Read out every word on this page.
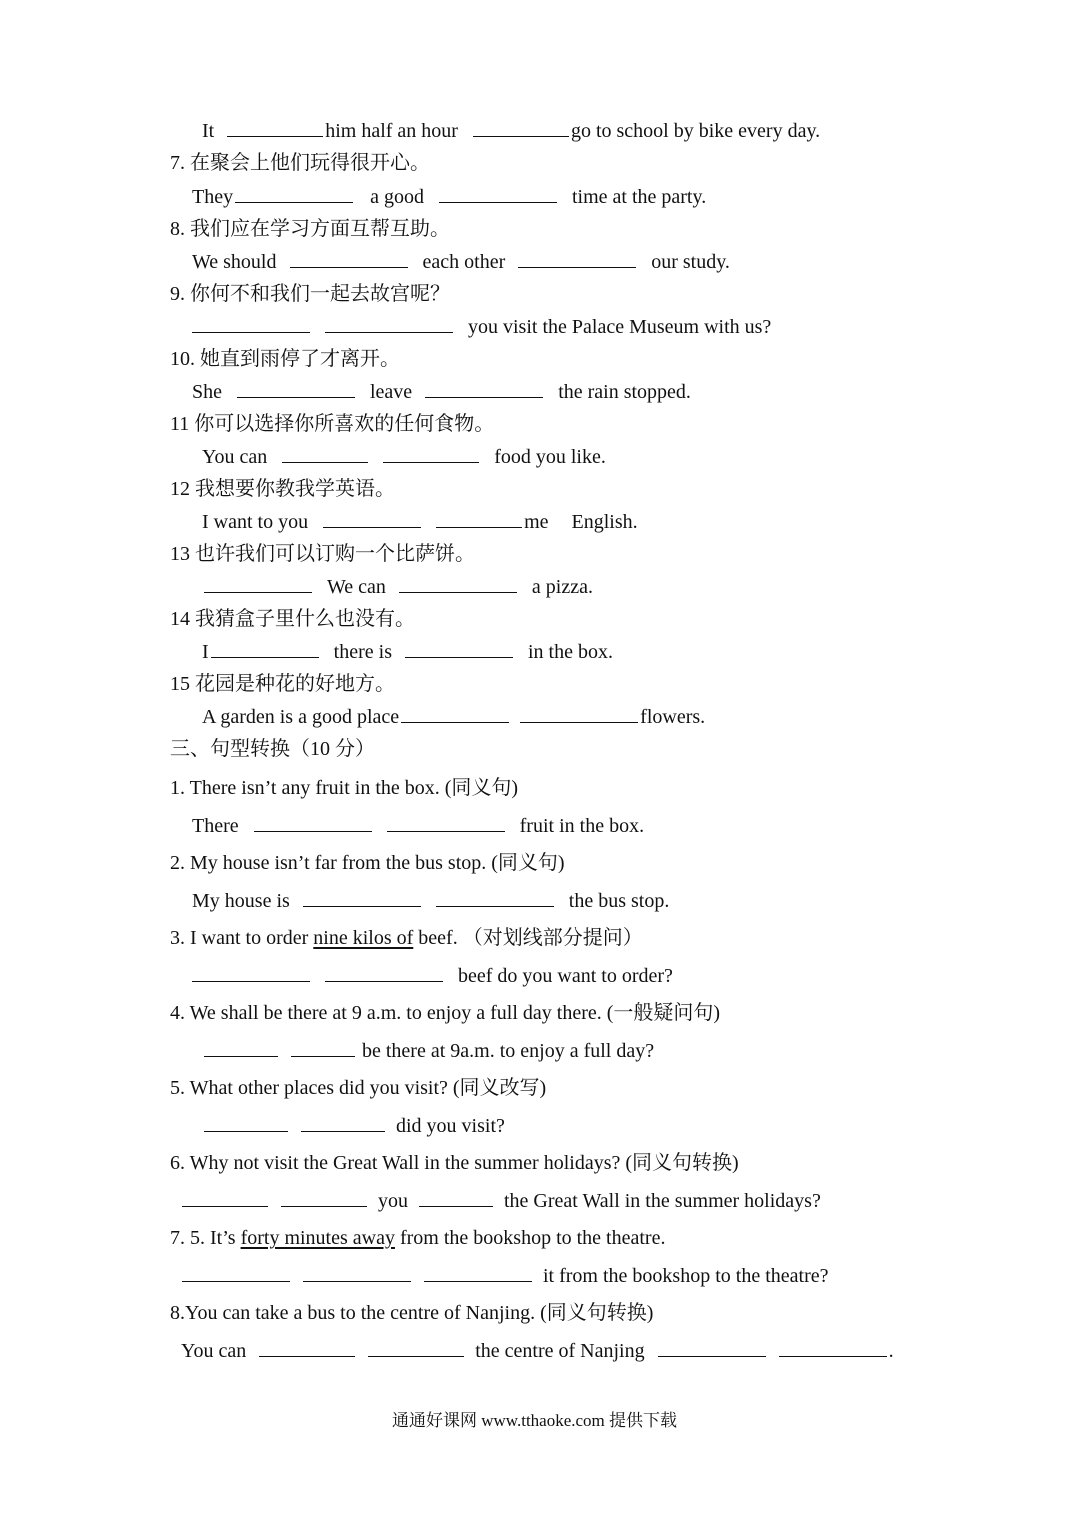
It	him half an hour	go to school by bike every day.
7. 在聚会上他们玩得很开心。
They	a good	time at the party.
8. 我们应在学习方面互帮互助。
We should	each other	our study.
9. 你何不和我们一起去故宫呢？
you visit the Palace Museum with us?
10. 她直到雨停了才离开。
She	leave	the rain stopped.
11 你可以选择你所喜欢的任何食物。
You can	food you like.
12 我想要你教我学英语。
I want to you	me English.
13 也许我们可以订购一个比萨饼。
We can	a pizza.
14 我猜盒子里什么也没有。
I	there is	in the box.
15 花园是种花的好地方。
A garden is a good place	flowers.
三、句型转换（10 分）
1. There isn’t any fruit in the box. (同义句)
There	fruit in the box.
2. My house isn’t far from the bus stop. (同义句)
My house is	the bus stop.
3. I want to order nine kilos of beef. （对划线部分提问）
beef do you want to order?
4. We shall be there at 9 a.m. to enjoy a full day there. (一般疑问句)
be there at 9a.m. to enjoy a full day?
5. What other places did you visit? (同义改写)
did you visit?
6. Why not visit the Great Wall in the summer holidays? (同义句转换)
you	the Great Wall in the summer holidays?
7. 5. It’s forty minutes away from the bookshop to the theatre.
it from the bookshop to the theatre?
8.You can take a bus to the centre of Nanjing. (同义句转换)
You can	the centre of Nanjing	.
通通好课网 www.tthaoke.com 提供下载
